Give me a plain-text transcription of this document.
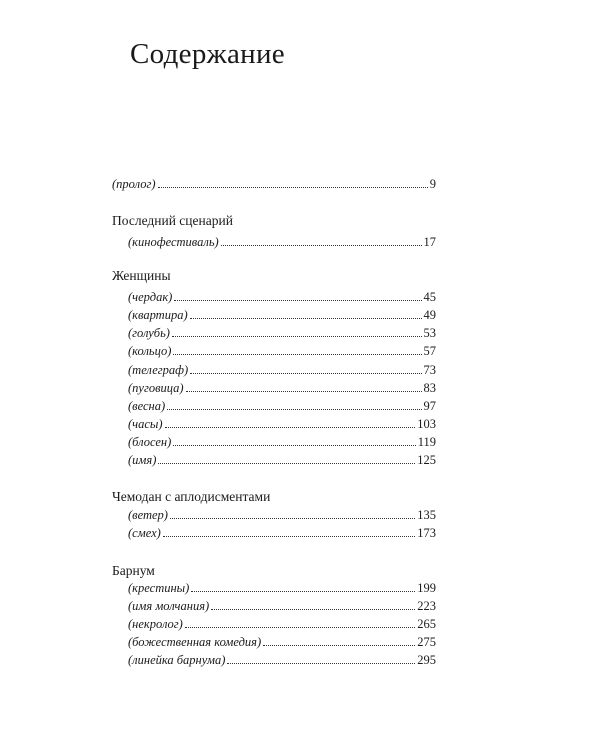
Содержание
(пролог)	9
Последний сценарий
(кинофестиваль)	17
Женщины
(чердак)	45
(квартира)	49
(голубь)	53
(кольцо)	57
(телеграф)	73
(пуговица)	83
(весна)	97
(часы)	103
(блосен)	119
(имя)	125
Чемодан с аплодисментами
(ветер)	135
(смех)	173
Барнум
(крестины)	199
(имя молчания)	223
(некролог)	265
(божественная комедия)	275
(линейка барнума)	295
